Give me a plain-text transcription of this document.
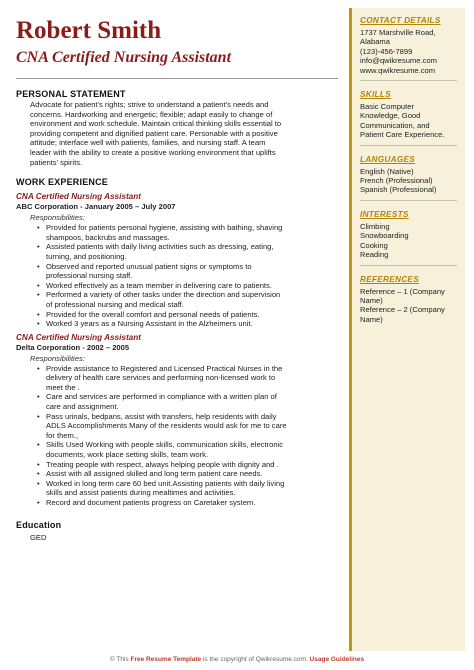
Robert Smith
CNA Certified Nursing Assistant
PERSONAL STATEMENT
Advocate for patient's rights; strive to understand a patient's needs and
concerns. Hardworking and energetic; flexible; adapt easily to change of
environment and work schedule. Maintain critical thinking skills essential to
providing competent and dignified patient care. Personable with a positive
attitude; interface well with patients, families, and nursing staff. A team
leader with the ability to create a positive working environment that uplifts
patients' spirits.
WORK EXPERIENCE
CNA Certified Nursing Assistant
ABC Corporation - January 2005 – July 2007
Responsibilities:
• Provided for patients personal hygiene, assisting with bathing, shaving
shampoos, backrubs and massages.
• Assisted patients with daily living activities such as dressing, eating,
turning, and positioning.
• Observed and reported unusual patient signs or symptoms to
professional nursing staff.
• Worked effectively as a team member in delivering care to patients.
• Performed a variety of other tasks under the direction and supervision
of professional nursing and medical staff.
• Provided for the overall comfort and personal needs of patients.
• Worked 3 years as a Nursing Assistant in the Alzheimers unit.
CNA Certified Nursing Assistant
Delta Corporation - 2002 – 2005
Responsibilities:
• Provide assistance to Registered and Licensed Practical Nurses in the
delivery of health care services and performing non-licensed work to
meet the .
• Care and services are performed in compliance with a written plan of
care and assignment.
• Pass urinals, bedpans, assist with transfers, help residents with daily
ADLS Accomplishments Many of the residents would ask for me to care
for them.,
• Skills Used Working with people skills, communication skills, electronic
documents, work place setting skills, team work.
• Treating people with respect, always helping people with dignity and .
• Assist with all assigned skilled and long term patient care needs.
• Worked in long term care 60 bed unit.Assisting patients with daily living
skills and assist patients during mealtimes and activities.
• Record and document patients progress on Caretaker system.
Education
GED
CONTACT DETAILS
1737 Marshville Road,
Alabama
(123)-456-7899
info@qwikresume.com
www.qwikresume.com
SKILLS
Basic Computer
Knowledge, Good
Communication, and
Patient Care Experience.
LANGUAGES
English (Native)
French (Professional)
Spanish (Professional)
INTERESTS
Climbing
Snowboarding
Cooking
Reading
REFERENCES
Reference – 1 (Company
Name)
Reference – 2 (Company
Name)
© This Free Resume Template is the copyright of Qwikresume.com. Usage Guidelines
